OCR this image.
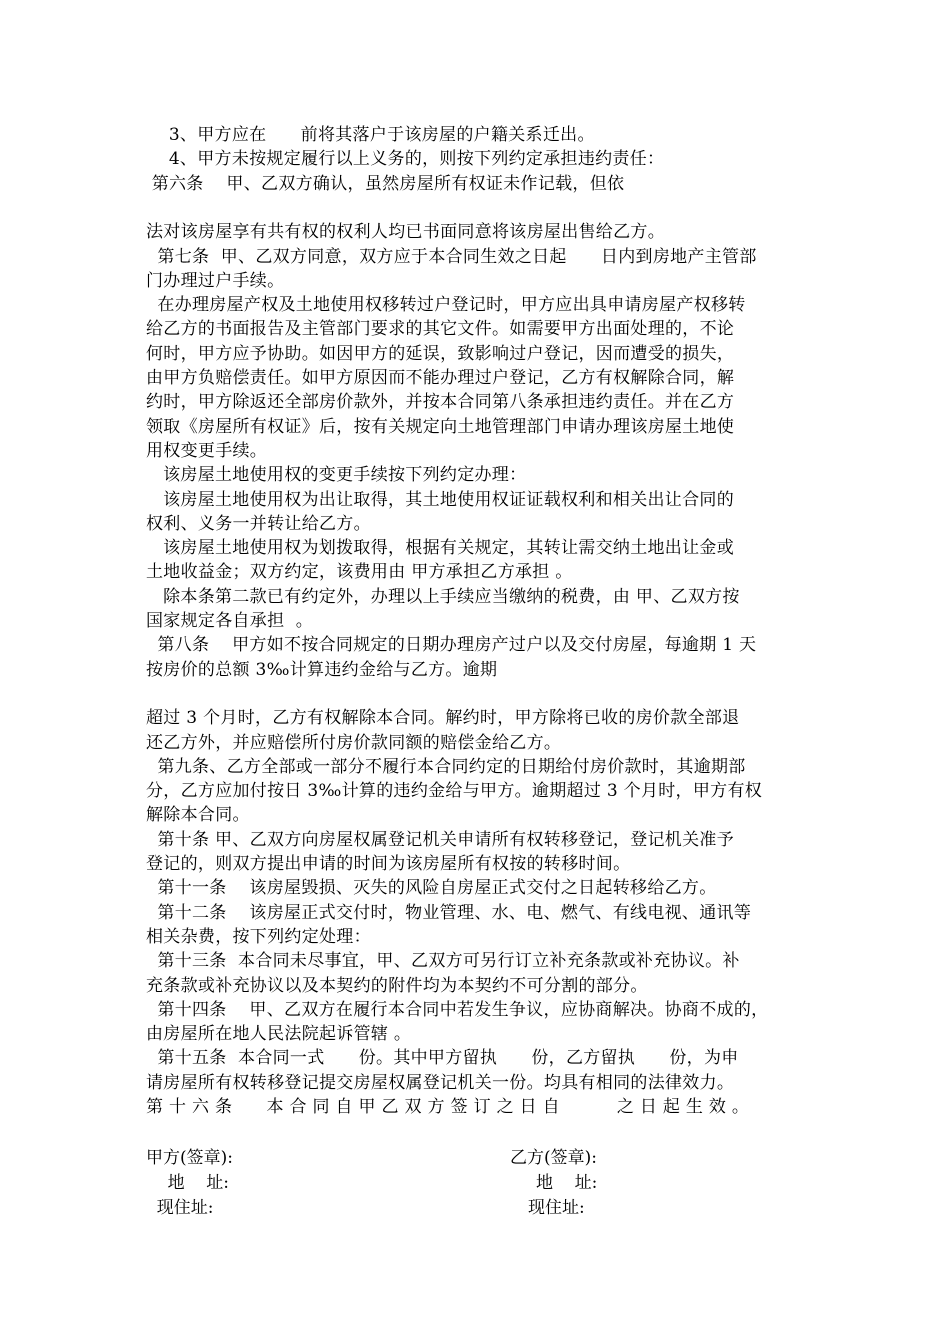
3、甲方应在      前将其落户于该房屋的户籍关系迁出。
4、甲方未按规定履行以上义务的，则按下列约定承担违约责任：
第六条    甲、乙双方确认，虽然房屋所有权证未作记载，但依
法对该房屋享有共有权的权利人均已书面同意将该房屋出售给乙方。
第七条  甲、乙双方同意，双方应于本合同生效之日起      日内到房地产主管部
门办理过户手续。
在办理房屋产权及土地使用权移转过户登记时，甲方应出具申请房屋产权移转
给乙方的书面报告及主管部门要求的其它文件。如需要甲方出面处理的，不论
何时，甲方应予协助。如因甲方的延误，致影响过户登记，因而遭受的损失，
由甲方负赔偿责任。如甲方原因而不能办理过户登记，乙方有权解除合同，解
约时，甲方除返还全部房价款外，并按本合同第八条承担违约责任。并在乙方
领取《房屋所有权证》后，按有关规定向土地管理部门申请办理该房屋土地使
用权变更手续。
该房屋土地使用权的变更手续按下列约定办理：
该房屋土地使用权为出让取得，其土地使用权证证载权利和相关出让合同的
权利、义务一并转让给乙方。
该房屋土地使用权为划拨取得，根据有关规定，其转让需交纳土地出让金或
土地收益金；双方约定，该费用由 甲方承担乙方承担 。
除本条第二款已有约定外，办理以上手续应当缴纳的税费，由 甲、乙双方按
国家规定各自承担  。
第八条    甲方如不按合同规定的日期办理房产过户以及交付房屋，每逾期 1 天
按房价的总额 3‰计算违约金给与乙方。逾期
超过 3 个月时，乙方有权解除本合同。解约时，甲方除将已收的房价款全部退
还乙方外，并应赔偿所付房价款同额的赔偿金给乙方。
第九条、乙方全部或一部分不履行本合同约定的日期给付房价款时，其逾期部
分，乙方应加付按日 3‰计算的违约金给与甲方。逾期超过 3 个月时，甲方有权
解除本合同。
第十条 甲、乙双方向房屋权属登记机关申请所有权转移登记，登记机关准予
登记的，则双方提出申请的时间为该房屋所有权按的转移时间。
第十一条    该房屋毁损、灭失的风险自房屋正式交付之日起转移给乙方。
第十二条    该房屋正式交付时，物业管理、水、电、燃气、有线电视、通讯等
相关杂费，按下列约定处理：
第十三条  本合同未尽事宜，甲、乙双方可另行订立补充条款或补充协议。补
充条款或补充协议以及本契约的附件均为本契约不可分割的部分。
第十四条    甲、乙双方在履行本合同中若发生争议，应协商解决。协商不成的，
由房屋所在地人民法院起诉管辖 。
第十五条  本合同一式      份。其中甲方留执      份，乙方留执      份，为申
请房屋所有权转移登记提交房屋权属登记机关一份。均具有相同的法律效力。
第 十 六 条      本 合 同 自 甲 乙 双 方 签 订 之 日 自          之 日 起 生 效 。
甲方(签章):	乙方(签章):
地    址:	地    址:
现住址:	现住址:
